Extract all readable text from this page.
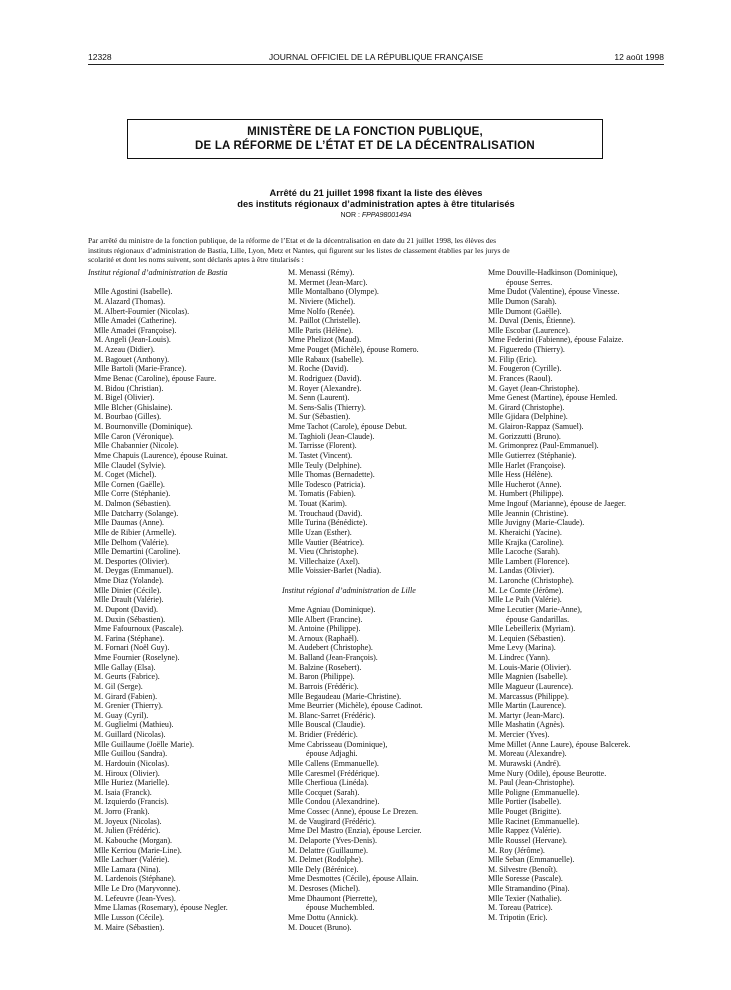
12328	JOURNAL OFFICIEL DE LA RÉPUBLIQUE FRANÇAISE	12 août 1998
MINISTÈRE DE LA FONCTION PUBLIQUE,
DE LA RÉFORME DE L’ÉTAT ET DE LA DÉCENTRALISATION
Arrêté du 21 juillet 1998 fixant la liste des élèves
des instituts régionaux d’administration aptes à être titularisés
NOR : FPPA9800149A
Par arrêté du ministre de la fonction publique, de la réforme de l’Etat et de la décentralisation en date du 21 juillet 1998, les élèves des
instituts régionaux d’administration de Bastia, Lille, Lyon, Metz et Nantes, qui figurent sur les listes de classement établies par les jurys de
scolarité et dont les noms suivent, sont déclarés aptes à être titularisés :
Institut régional d’administration de Bastia
Mlle Agostini (Isabelle).
M. Alazard (Thomas).
M. Albert-Fournier (Nicolas).
Mlle Amadei (Catherine).
Mlle Amadei (Françoise).
M. Angeli (Jean-Louis).
M. Azeau (Didier).
M. Bagouet (Anthony).
Mlle Bartoli (Marie-France).
Mme Benac (Caroline), épouse Faure.
M. Bidou (Christian).
M. Bigel (Olivier).
Mlle Blcher (Ghislaine).
M. Bourbao (Gilles).
M. Bournonville (Dominique).
Mlle Caron (Véronique).
Mlle Chabannier (Nicole).
Mme Chapuis (Laurence), épouse Ruinat.
Mlle Claudel (Sylvie).
M. Coget (Michel).
Mlle Cornen (Gaëlle).
Mlle Corre (Stéphanie).
M. Dalmon (Sébastien).
Mlle Datcharry (Solange).
Mlle Daumas (Anne).
Mlle de Ribier (Armelle).
Mlle Delhom (Valérie).
Mlle Demartini (Caroline).
M. Desportes (Olivier).
M. Deygas (Emmanuel).
Mme Diaz (Yolande).
Mlle Dinier (Cécile).
Mlle Drault (Valérie).
M. Dupont (David).
M. Duxin (Sébastien).
Mme Fafournoux (Pascale).
M. Farina (Stéphane).
M. Fornari (Noël Guy).
Mme Fournier (Roselyne).
Mlle Gallay (Elsa).
M. Geurts (Fabrice).
M. Gil (Serge).
M. Girard (Fabien).
M. Grenier (Thierry).
M. Guay (Cyril).
M. Guglielmi (Mathieu).
M. Guillard (Nicolas).
Mlle Guillaume (Joëlle Marie).
Mlle Guillou (Sandra).
M. Hardouin (Nicolas).
M. Hiroux (Olivier).
Mlle Huriez (Marielle).
M. Isaia (Franck).
M. Izquierdo (Francis).
M. Jorro (Frank).
M. Joyeux (Nicolas).
M. Julien (Frédéric).
M. Kabouche (Morgan).
Mlle Kerriou (Marie-Line).
Mlle Lachuer (Valérie).
Mlle Lamara (Nina).
M. Lardenois (Stéphane).
Mlle Le Dro (Maryvonne).
M. Lefeuvre (Jean-Yves).
Mme Llamas (Rosemary), épouse Negler.
Mlle Lusson (Cécile).
M. Maire (Sébastien).
M. Menassi (Rémy).
M. Mermet (Jean-Marc).
Mlle Montalbano (Olympe).
M. Niviere (Michel).
Mme Nolfo (Renée).
M. Paillot (Christelle).
Mlle Paris (Hélène).
Mme Phelizot (Maud).
Mme Pouget (Michèle), épouse Romero.
Mlle Rabaux (Isabelle).
M. Roche (David).
M. Rodriguez (David).
M. Royer (Alexandre).
M. Senn (Laurent).
M. Sens-Salis (Thierry).
M. Sur (Sébastien).
Mme Tachot (Carole), épouse Debut.
M. Taghioli (Jean-Claude).
M. Tarrisse (Florent).
M. Tastet (Vincent).
Mlle Teuly (Delphine).
Mlle Thomas (Bernadette).
Mlle Todesco (Patricia).
M. Tomatis (Fabien).
M. Touat (Karim).
M. Trouchaud (David).
Mlle Turina (Bénédicte).
Mlle Uzan (Esther).
Mlle Vautier (Béatrice).
M. Vieu (Christophe).
M. Villechaize (Axel).
Mlle Voissier-Barlet (Nadia).
Institut régional d’administration de Lille
Mme Agniau (Dominique).
Mlle Albert (Francine).
M. Antoine (Philippe).
M. Arnoux (Raphaël).
M. Audebert (Christophe).
M. Balland (Jean-François).
M. Balzine (Rosebert).
M. Baron (Philippe).
M. Barrois (Frédéric).
Mlle Begaudeau (Marie-Christine).
Mme Beurrier (Michèle), épouse Cadinot.
M. Blanc-Sarret (Frédéric).
Mlle Bouscal (Claudie).
M. Bridier (Frédéric).
Mme Cabrisseau (Dominique),
épouse Adjaghi.
Mlle Callens (Emmanuelle).
Mlle Caresmel (Frédérique).
Mlle Cherfioua (Linéda).
Mlle Cocquet (Sarah).
Mlle Condou (Alexandrine).
Mme Cossec (Anne), épouse Le Drezen.
M. de Vaugirard (Frédéric).
Mme Del Mastro (Enzia), épouse Lercier.
M. Delaporte (Yves-Denis).
M. Delattre (Guillaume).
M. Delmet (Rodolphe).
Mlle Dely (Bérénice).
Mme Desmottes (Cécile), épouse Allain.
M. Desroses (Michel).
Mme Dhaumont (Pierrette),
épouse Muchembled.
Mme Dottu (Annick).
M. Doucet (Bruno).
Mme Douville-Hadkinson (Dominique),
épouse Serres.
Mme Dudot (Valentine), épouse Vinesse.
Mlle Dumon (Sarah).
Mlle Dumont (Gaëlle).
M. Duval (Denis, Étienne).
Mlle Escobar (Laurence).
Mme Federini (Fabienne), épouse Falaize.
M. Figueredo (Thierry).
M. Filip (Eric).
M. Fougeron (Cyrille).
M. Frances (Raoul).
M. Gayet (Jean-Christophe).
Mme Genest (Martine), épouse Hemled.
M. Girard (Christophe).
Mlle Gjidara (Delphine).
M. Glairon-Rappaz (Samuel).
M. Gorizzutti (Bruno).
M. Grimonprez (Paul-Emmanuel).
Mlle Gutierrez (Stéphanie).
Mlle Harlet (Françoise).
Mlle Hess (Hélène).
Mlle Hucherot (Anne).
M. Humbert (Philippe).
Mme Ingouf (Marianne), épouse de Jaeger.
Mlle Jeannin (Christine).
Mlle Juvigny (Marie-Claude).
M. Kheraichi (Yacine).
Mlle Krajka (Caroline).
Mlle Lacoche (Sarah).
Mlle Lambert (Florence).
M. Landas (Olivier).
M. Laronche (Christophe).
M. Le Comte (Jérôme).
Mlle Le Paih (Valérie).
Mme Lecutier (Marie-Anne),
épouse Gandarillas.
Mlle Lebeillerix (Myriam).
M. Lequien (Sébastien).
Mme Levy (Marina).
M. Lindrec (Yann).
M. Louis-Marie (Olivier).
Mlle Magnien (Isabelle).
Mlle Magueur (Laurence).
M. Marcassus (Philippe).
Mlle Martin (Laurence).
M. Martyr (Jean-Marc).
Mlle Mashatin (Agnès).
M. Mercier (Yves).
Mme Millet (Anne Laure), épouse Balcerek.
M. Moreau (Alexandre).
M. Murawski (André).
Mme Nury (Odile), épouse Beurotte.
M. Paul (Jean-Christophe).
Mlle Poligne (Emmanuelle).
Mlle Portier (Isabelle).
Mlle Pouget (Brigitte).
Mlle Racinet (Emmanuelle).
Mlle Rappez (Valérie).
Mlle Roussel (Hervane).
M. Roy (Jérôme).
Mlle Seban (Emmanuelle).
M. Silvestre (Benoît).
Mlle Soresse (Pascale).
Mlle Stramandino (Pina).
Mlle Texier (Nathalie).
M. Toreau (Patrice).
M. Tripotin (Eric).
